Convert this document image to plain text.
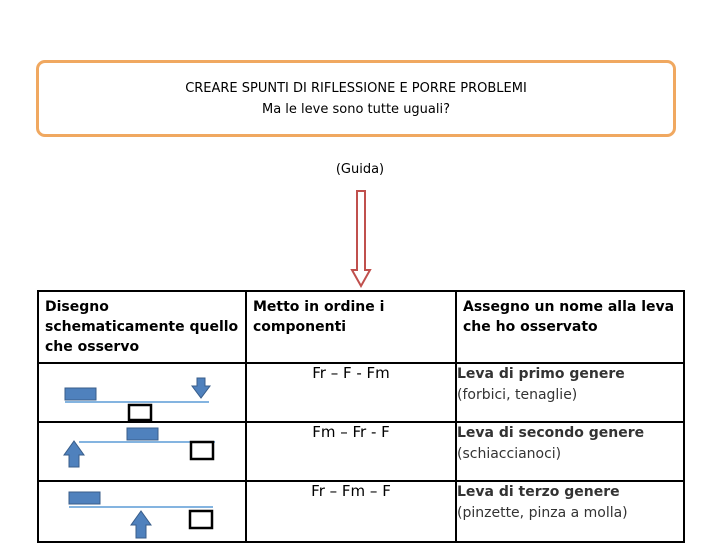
CREARE SPUNTI DI RIFLESSIONE E PORRE PROBLEMI
Ma le leve sono tutte uguali?
(Guida)
Disegno schematicamente quello che osservo	Metto in ordine i componenti	Assegno un nome alla leva che ho osservato

	Fr – F - Fm	Leva di primo genere
(forbici, tenaglie)

	Fm – Fr - F	Leva di secondo genere
(schiaccianoci)

	Fr – Fm – F	Leva di terzo genere
(pinzette, pinza a molla)
